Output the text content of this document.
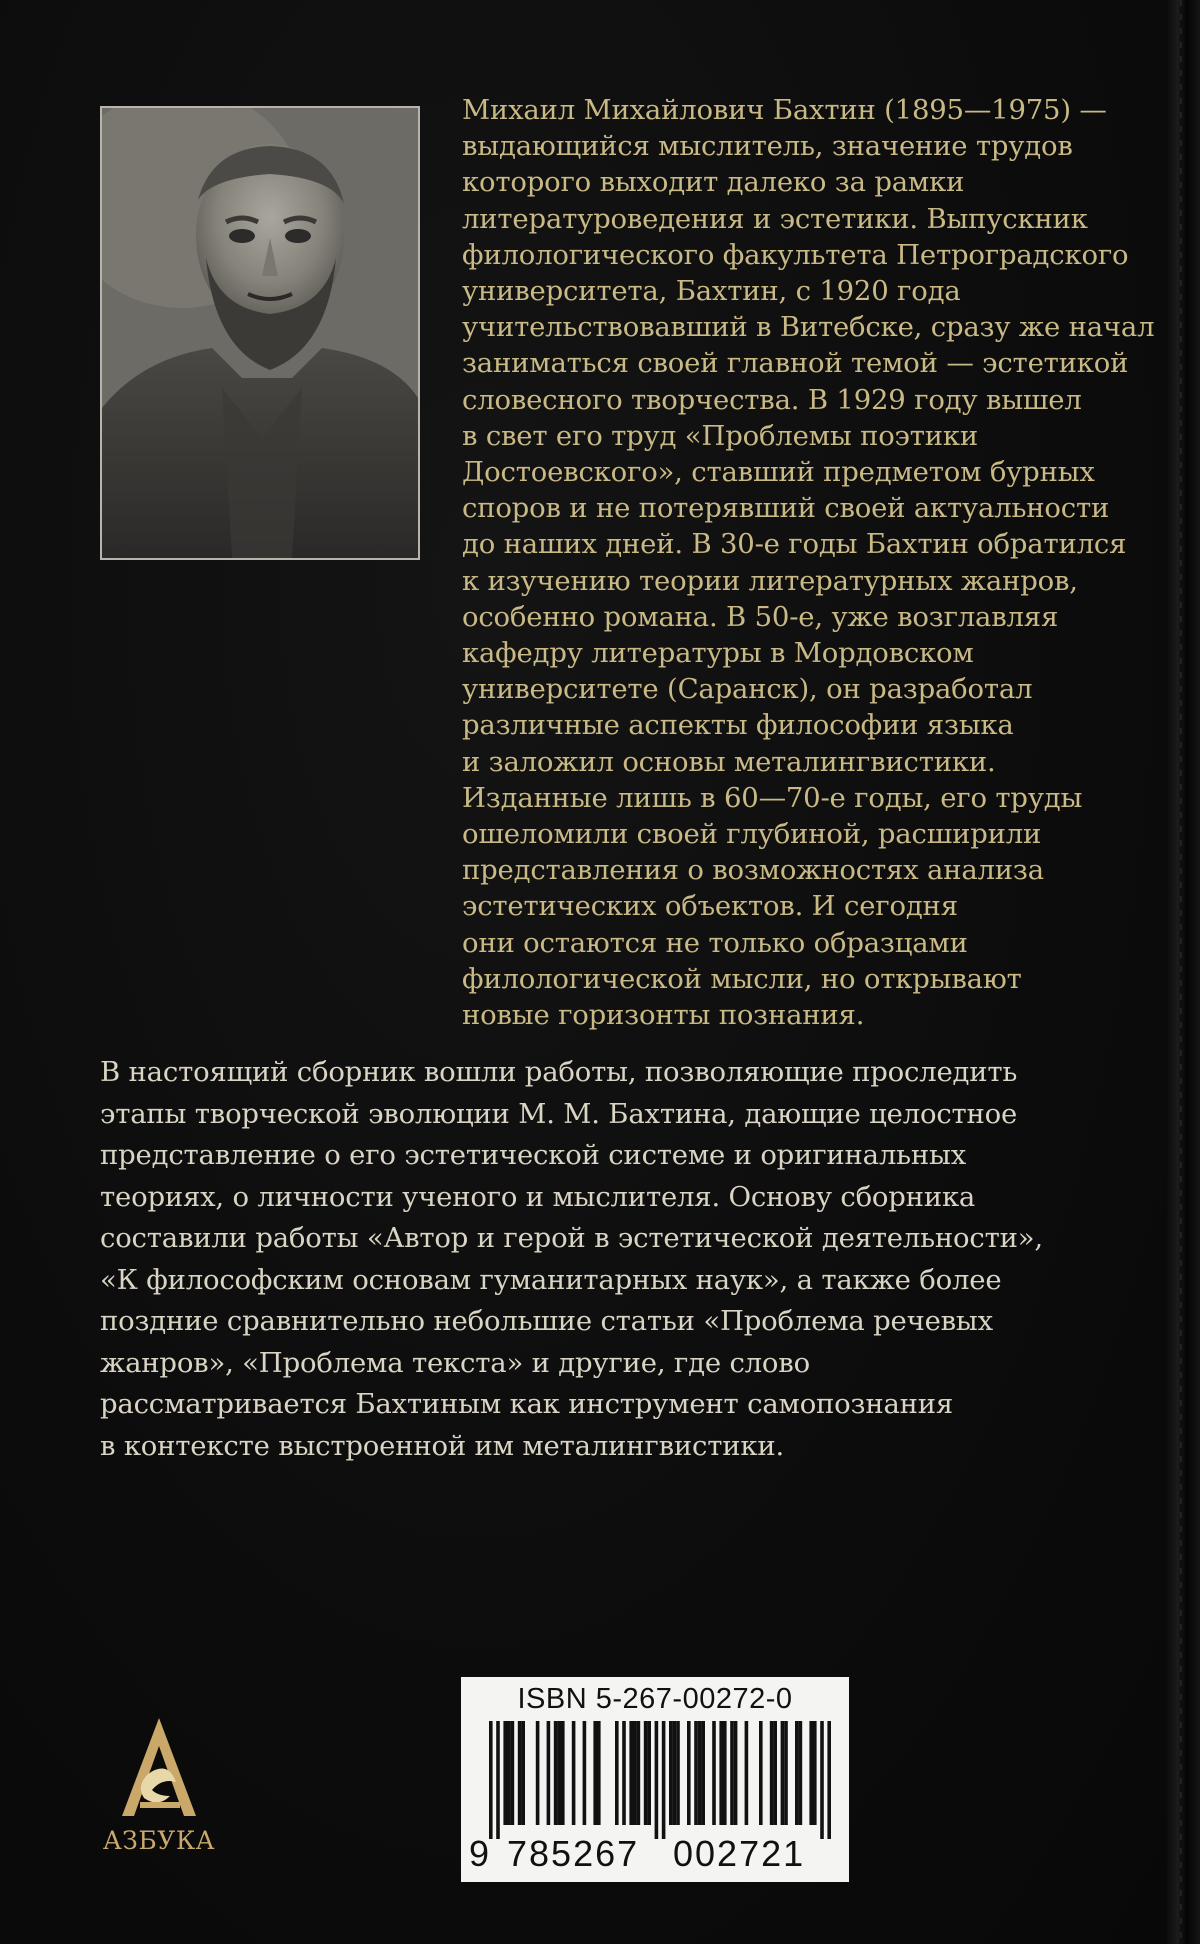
Михаил Михайлович Бахтин (1895—1975) —
выдающийся мыслитель, значение трудов
которого выходит далеко за рамки
литературоведения и эстетики. Выпускник
филологического факультета Петроградского
университета, Бахтин, с 1920 года
учительствовавший в Витебске, сразу же начал
заниматься своей главной темой — эстетикой
словесного творчества. В 1929 году вышел
в свет его труд «Проблемы поэтики
Достоевского», ставший предметом бурных
споров и не потерявший своей актуальности
до наших дней. В 30-е годы Бахтин обратился
к изучению теории литературных жанров,
особенно романа. В 50-е, уже возглавляя
кафедру литературы в Мордовском
университете (Саранск), он разработал
различные аспекты философии языка
и заложил основы металингвистики.
Изданные лишь в 60—70-е годы, его труды
ошеломили своей глубиной, расширили
представления о возможностях анализа
эстетических объектов. И сегодня
они остаются не только образцами
филологической мысли, но открывают
новые горизонты познания.
В настоящий сборник вошли работы, позволяющие проследить
этапы творческой эволюции М. М. Бахтина, дающие целостное
представление о его эстетической системе и оригинальных
теориях, о личности ученого и мыслителя. Основу сборника
составили работы «Автор и герой в эстетической деятельности»,
«К философским основам гуманитарных наук», а также более
поздние сравнительно небольшие статьи «Проблема речевых
жанров», «Проблема текста» и другие, где слово
рассматривается Бахтиным как инструмент самопознания
в контексте выстроенной им металингвистики.
АЗБУКА
ISBN 5-267-00272-0
9 785267 002721
